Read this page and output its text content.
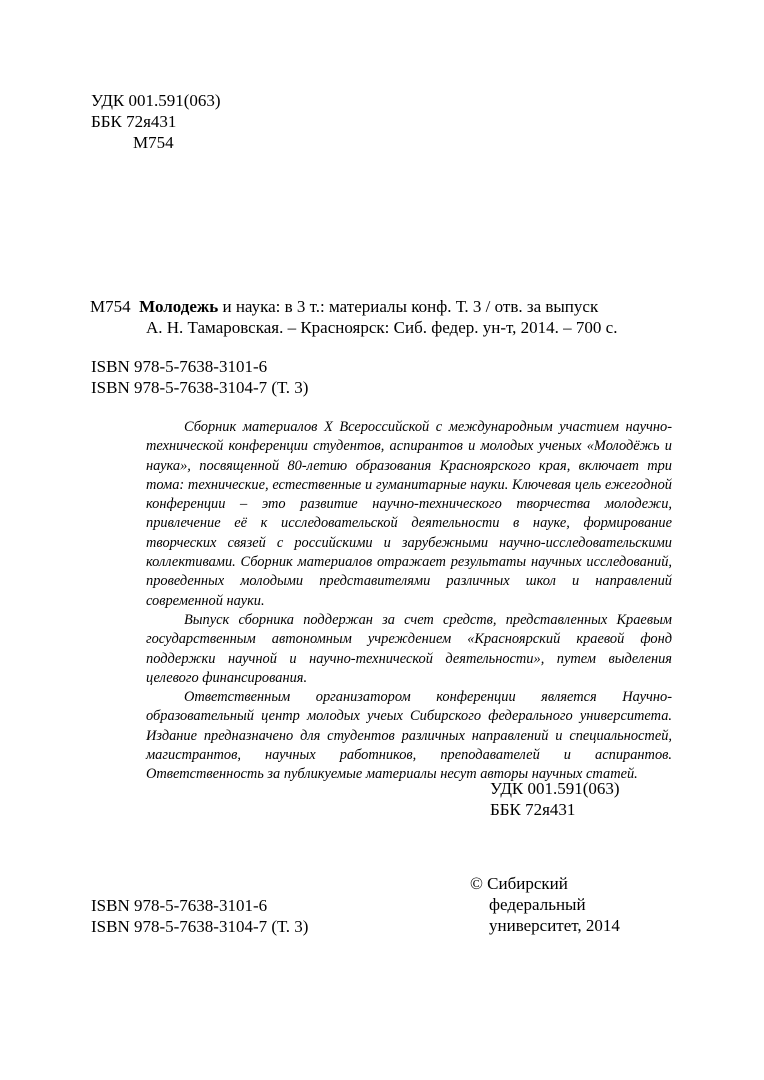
УДК 001.591(063)
ББК 72я431
М754
М754 Молодежь и наука: в 3 т.: материалы конф. Т. 3 / отв. за выпуск
А. Н. Тамаровская. – Красноярск: Сиб. федер. ун-т, 2014. – 700 с.
ISBN 978-5-7638-3101-6
ISBN 978-5-7638-3104-7 (Т. 3)

Сборник материалов X Всероссийской с международным участием научно-технической конференции студентов, аспирантов и молодых ученых «Молодёжь и наука», посвященной 80-летию образования Красноярского края, включает три тома: технические, естественные и гуманитарные науки. Ключевая цель ежегодной конференции – это развитие научно-технического творчества молодежи, привлечение её к исследовательской деятельности в науке, формирование творческих связей с российскими и зарубежными научно-исследовательскими коллективами. Сборник материалов отражает результаты научных исследований, проведенных молодыми представителями различных школ и направлений современной науки.

Выпуск сборника поддержан за счет средств, представленных Краевым государственным автономным учреждением «Красноярский краевой фонд поддержки научной и научно-технической деятельности», путем выделения целевого финансирования.

Ответственным организатором конференции является Научно-образовательный центр молодых учеых Сибирского федерального университета. Издание предназначено для студентов различных направлений и специальностей, магистрантов, научных работников, преподавателей и аспирантов. Ответственность за публикуемые материалы несут авторы научных статей.

УДК 001.591(063)
ББК 72я431
© Сибирский
федеральный
университет, 2014
ISBN 978-5-7638-3101-6
ISBN 978-5-7638-3104-7 (Т. 3)
